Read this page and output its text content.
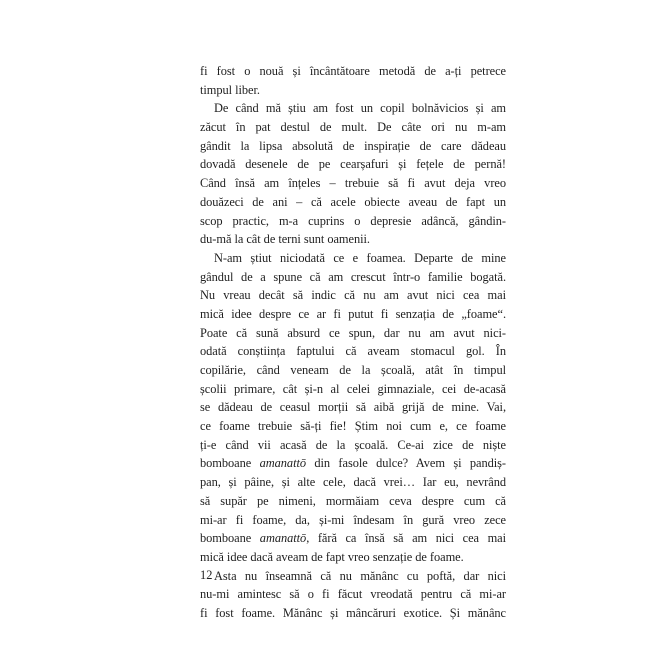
fi fost o nouă și încântătoare metodă de a-ți petrece
timpul liber.
De când mă știu am fost un copil bolnăvicios și am
zăcut în pat destul de mult. De câte ori nu m-am
gândit la lipsa absolută de inspirație de care dădeau
dovadă desenele de pe cearșafuri și fețele de pernă!
Când însă am înțeles – trebuie să fi avut deja vreo
douăzeci de ani – că acele obiecte aveau de fapt un
scop practic, m-a cuprins o depresie adâncă, gândin-
du-mă la cât de terni sunt oamenii.
N-am știut niciodată ce e foamea. Departe de mine
gândul de a spune că am crescut într-o familie bogată.
Nu vreau decât să indic că nu am avut nici cea mai
mică idee despre ce ar fi putut fi senzația de „foame“.
Poate că sună absurd ce spun, dar nu am avut nici-
odată conștiința faptului că aveam stomacul gol. În
copilărie, când veneam de la școală, atât în timpul
școlii primare, cât și-n al celei gimnaziale, cei de-acasă
se dădeau de ceasul morții să aibă grijă de mine. Vai,
ce foame trebuie să-ți fie! Știm noi cum e, ce foame
ți-e când vii acasă de la școală. Ce-ai zice de niște
bomboane amanattō din fasole dulce? Avem și pandiș-
pan, și pâine, și alte cele, dacă vrei… Iar eu, nevrând
să supăr pe nimeni, mormăiam ceva despre cum că
mi-ar fi foame, da, și-mi îndesam în gură vreo zece
bomboane amanattō, fără ca însă să am nici cea mai
mică idee dacă aveam de fapt vreo senzație de foame.
Asta nu înseamnă că nu mănânc cu poftă, dar nici
nu-mi amintesc să o fi făcut vreodată pentru că mi-ar
fi fost foame. Mănânc și mâncăruri exotice. Și mănânc
12
